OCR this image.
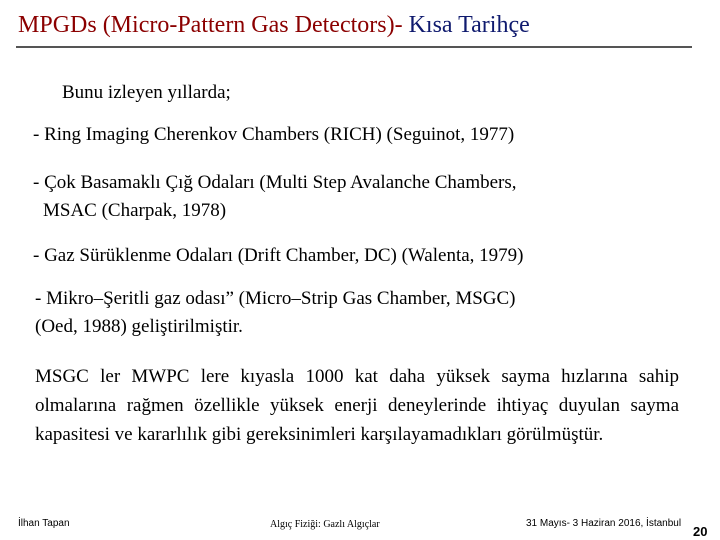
MPGDs (Micro-Pattern Gas Detectors)- Kısa Tarihçe
Bunu izleyen yıllarda;
- Ring Imaging Cherenkov Chambers (RICH) (Seguinot, 1977)
- Çok Basamaklı Çığ Odaları (Multi Step Avalanche Chambers,
MSAC (Charpak, 1978)
- Gaz Sürüklenme Odaları (Drift Chamber, DC) (Walenta, 1979)
- Mikro–Şeritli gaz odası” (Micro–Strip Gas Chamber, MSGC)
(Oed, 1988) geliştirilmiştir.
MSGC ler MWPC lere kıyasla 1000 kat daha yüksek sayma hızlarına sahip olmalarına rağmen özellikle yüksek enerji deneylerinde ihtiyaç duyulan sayma kapasitesi ve kararlılık gibi gereksinimleri karşılayamadıkları görülmüştür.
İlhan Tapan	Algıç Fiziği: Gazlı Algıçlar	31 Mayıs- 3 Haziran 2016, İstanbul
20
